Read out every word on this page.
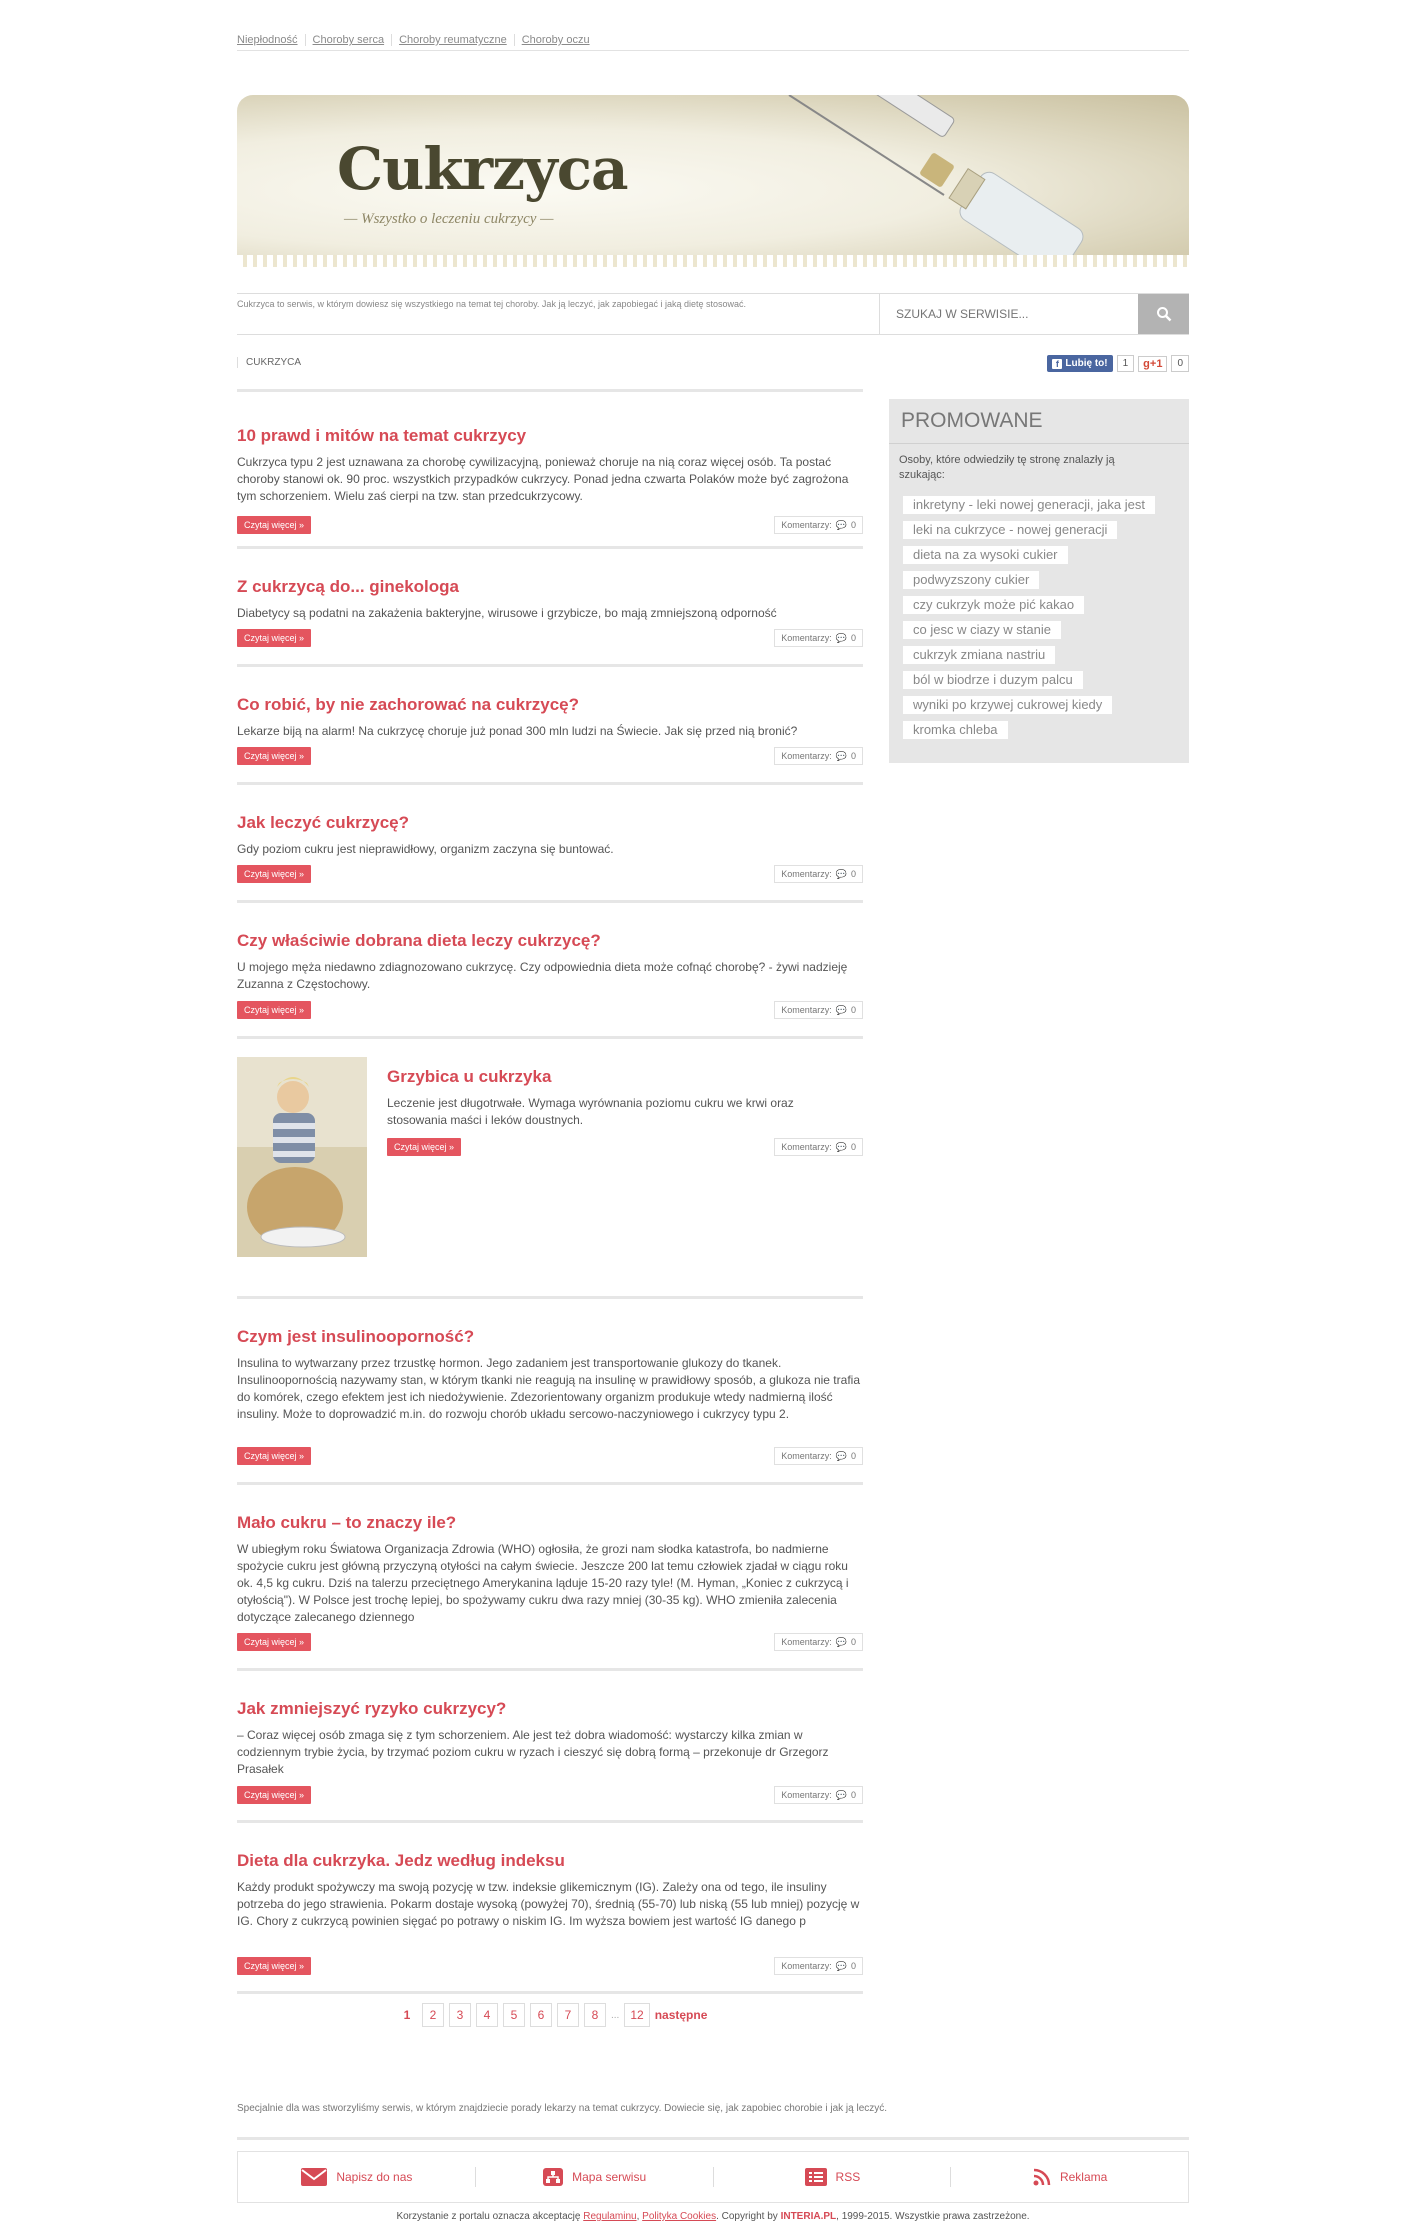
Niepłodność Choroby serca Choroby reumatyczne Choroby oczu
Cukrzyca
— Wszystko o leczeniu cukrzycy —
Cukrzyca to serwis, w którym dowiesz się wszystkiego na temat tej choroby. Jak ją leczyć, jak zapobiegać i jaką dietę stosować.
SZUKAJ W SERWISIE...
CUKRZYCA	f Lubię to!	1	g+1	0
10 prawd i mitów na temat cukrzycy

Cukrzyca typu 2 jest uznawana za chorobę cywilizacyjną, ponieważ choruje na nią coraz więcej osób. Ta postać choroby stanowi ok. 90 proc. wszystkich przypadków cukrzycy. Ponad jedna czwarta Polaków może być zagrożona tym schorzeniem. Wielu zaś cierpi na tzw. stan przedcukrzycowy.

Czytaj więcej »	Komentarzy: 💬 0
Z cukrzycą do... ginekologa

Diabetycy są podatni na zakażenia bakteryjne, wirusowe i grzybicze, bo mają zmniejszoną odporność

Czytaj więcej »	Komentarzy: 💬 0
Co robić, by nie zachorować na cukrzycę?

Lekarze biją na alarm! Na cukrzycę choruje już ponad 300 mln ludzi na Świecie. Jak się przed nią bronić?

Czytaj więcej »	Komentarzy: 💬 0
Jak leczyć cukrzycę?

Gdy poziom cukru jest nieprawidłowy, organizm zaczyna się buntować.

Czytaj więcej »	Komentarzy: 💬 0
Czy właściwie dobrana dieta leczy cukrzycę?

U mojego męża niedawno zdiagnozowano cukrzycę. Czy odpowiednia dieta może cofnąć chorobę? - żywi nadzieję Zuzanna z Częstochowy.

Czytaj więcej »	Komentarzy: 💬 0
Grzybica u cukrzyka

Leczenie jest długotrwałe. Wymaga wyrównania poziomu cukru we krwi oraz stosowania maści i leków doustnych.

Czytaj więcej »	Komentarzy: 💬 0
Czym jest insulinooporność?

Insulina to wytwarzany przez trzustkę hormon. Jego zadaniem jest transportowanie glukozy do tkanek. Insulinoopornością nazywamy stan, w którym tkanki nie reagują na insulinę w prawidłowy sposób, a glukoza nie trafia do komórek, czego efektem jest ich niedożywienie. Zdezorientowany organizm produkuje wtedy nadmierną ilość insuliny. Może to doprowadzić m.in. do rozwoju chorób układu sercowo-naczyniowego i cukrzycy typu 2.

Czytaj więcej »	Komentarzy: 💬 0
Mało cukru – to znaczy ile?

W ubiegłym roku Światowa Organizacja Zdrowia (WHO) ogłosiła, że grozi nam słodka katastrofa, bo nadmierne spożycie cukru jest główną przyczyną otyłości na całym świecie. Jeszcze 200 lat temu człowiek zjadał w ciągu roku ok. 4,5 kg cukru. Dziś na talerzu przeciętnego Amerykanina ląduje 15-20 razy tyle! (M. Hyman, „Koniec z cukrzycą i otyłością"). W Polsce jest trochę lepiej, bo spożywamy cukru dwa razy mniej (30-35 kg). WHO zmieniła zalecenia dotyczące zalecanego dziennego

Czytaj więcej »	Komentarzy: 💬 0
Jak zmniejszyć ryzyko cukrzycy?

– Coraz więcej osób zmaga się z tym schorzeniem. Ale jest też dobra wiadomość: wystarczy kilka zmian w codziennym trybie życia, by trzymać poziom cukru w ryzach i cieszyć się dobrą formą – przekonuje dr Grzegorz Prasałek

Czytaj więcej »	Komentarzy: 💬 0
Dieta dla cukrzyka. Jedz według indeksu

Każdy produkt spożywczy ma swoją pozycję w tzw. indeksie glikemicznym (IG). Zależy ona od tego, ile insuliny potrzeba do jego strawienia. Pokarm dostaje wysoką (powyżej 70), średnią (55-70) lub niską (55 lub mniej) pozycję w IG. Chory z cukrzycą powinien sięgać po potrawy o niskim IG. Im wyższa bowiem jest wartość IG danego p

Czytaj więcej »	Komentarzy: 💬 0
PROMOWANE
Osoby, które odwiedziły tę stronę znalazły ją szukając:
inkretyny - leki nowej generacji, jaka jest
leki na cukrzyce - nowej generacji
dieta na za wysoki cukier
podwyzszony cukier
czy cukrzyk może pić kakao
co jesc w ciazy w stanie
cukrzyk zmiana nastriu
ból w biodrze i duzym palcu
wyniki po krzywej cukrowej kiedy
kromka chleba
1	2	3	4	5	6	7	8	... 12 następne
Specjalnie dla was stworzyliśmy serwis, w którym znajdziecie porady lekarzy na temat cukrzycy. Dowiecie się, jak zapobiec chorobie i jak ją leczyć.
Napisz do nas	Mapa serwisu	RSS	Reklama
Korzystanie z portalu oznacza akceptację Regulaminu, Polityka Cookies. Copyright by INTERIA.PL, 1999-2015. Wszystkie prawa zastrzeżone.
